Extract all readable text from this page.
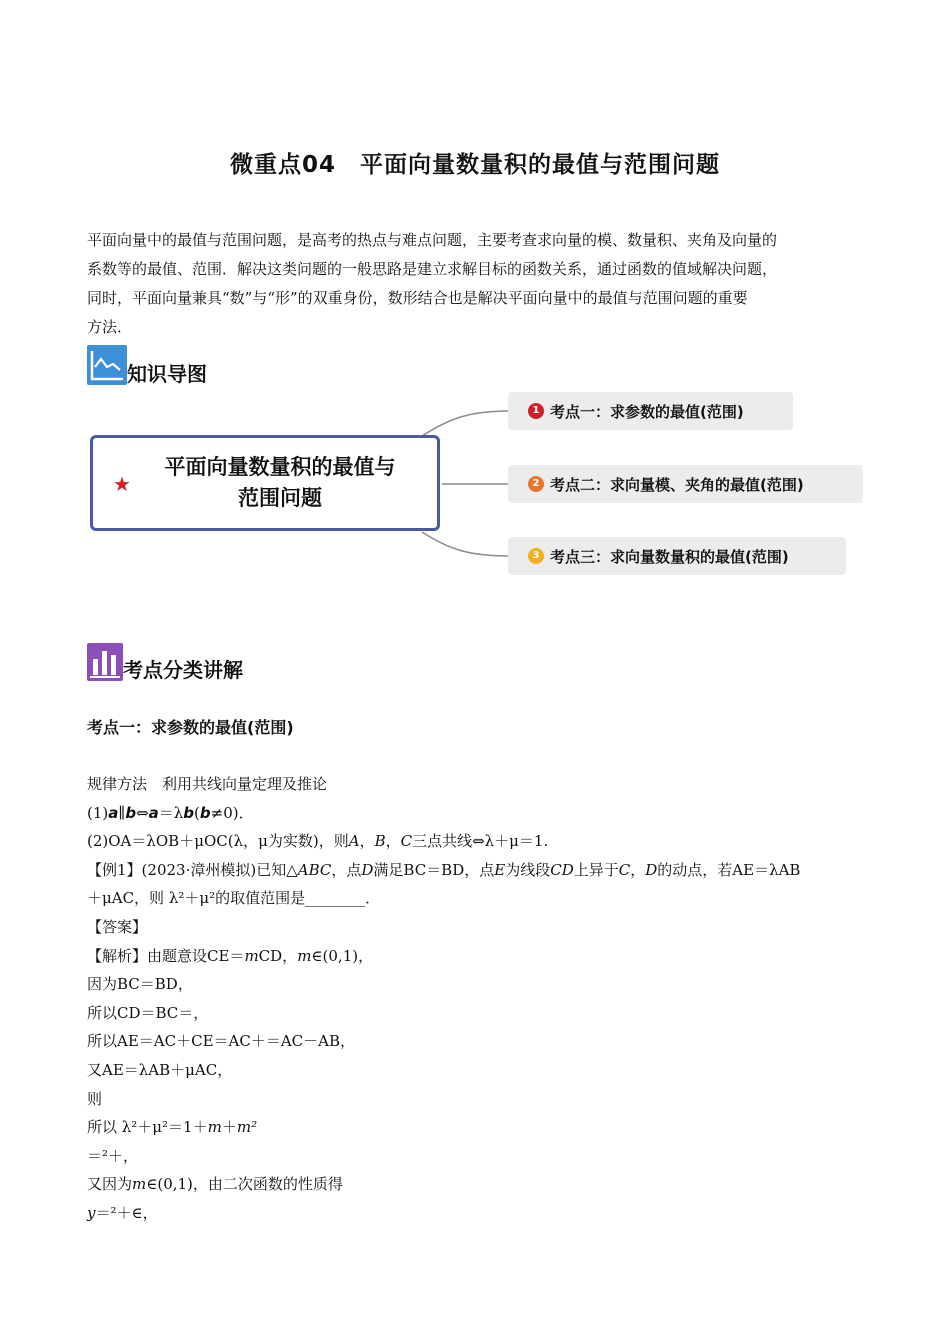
微重点04　平面向量数量积的最值与范围问题

平面向量中的最值与范围问题，是高考的热点与难点问题，主要考查求向量的模、数量积、夹角及向量的

系数等的最值、范围．解决这类问题的一般思路是建立求解目标的函数关系，通过函数的值域解决问题，

同时，平面向量兼具“数”与“形”的双重身份，数形结合也是解决平面向量中的最值与范围问题的重要

方法．

知识导图
★
平面向量数量积的最值与
范围问题
1 考点一：求参数的最值(范围)
2 考点二：求向量模、夹角的最值(范围)
3 考点三：求向量数量积的最值(范围)
考点分类讲解
考点一：求参数的最值(范围)
规律方法　利用共线向量定理及推论
(1)a∥b⇔a＝λb(b≠0)．
(2)OA＝λOB＋μOC(λ，μ为实数)，则A，B，C三点共线⇔λ＋μ＝1.
【例1】(2023·漳州模拟)已知△ABC，点D满足BC＝BD，点E为线段CD上异于C，D的动点，若AE＝λAB
＋μAC，则 λ²＋μ²的取值范围是________．
【答案】
【解析】由题意设CE＝mCD，m∈(0,1)，
因为BC＝BD，
所以CD＝BC＝，
所以AE＝AC＋CE＝AC＋＝AC－AB，
又AE＝λAB＋μAC，
则
所以 λ²＋μ²＝1＋m＋m²
＝²＋，
又因为m∈(0,1)，由二次函数的性质得
y＝²＋∈，
